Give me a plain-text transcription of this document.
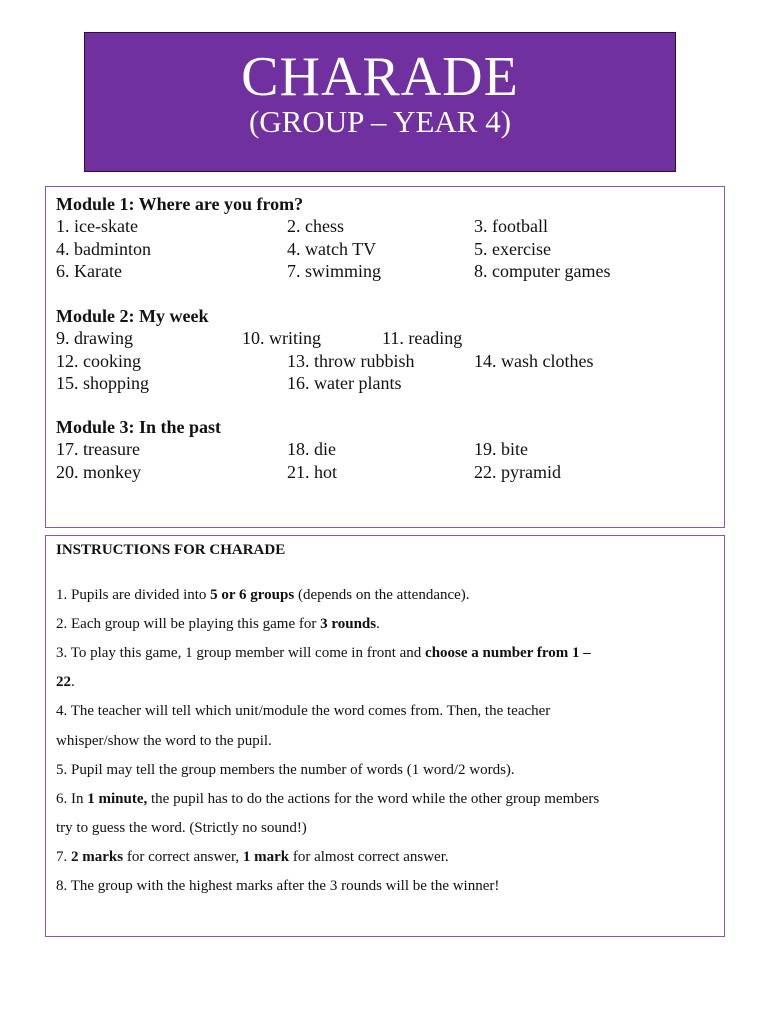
CHARADE
(GROUP – YEAR 4)
Module 1: Where are you from?
1. ice-skate	2. chess	3. football
4. badminton	4. watch TV	5. exercise
6. Karate	7. swimming	8. computer games
Module 2: My week
9. drawing	10. writing	11. reading
12. cooking	13. throw rubbish	14. wash clothes
15. shopping	16. water plants
Module 3: In the past
17. treasure	18. die	19. bite
20. monkey	21. hot	22. pyramid
INSTRUCTIONS FOR CHARADE
1. Pupils are divided into 5 or 6 groups (depends on the attendance).
2. Each group will be playing this game for 3 rounds.
3. To play this game, 1 group member will come in front and choose a number from 1 –
22.
4. The teacher will tell which unit/module the word comes from. Then, the teacher
whisper/show the word to the pupil.
5. Pupil may tell the group members the number of words (1 word/2 words).
6. In 1 minute, the pupil has to do the actions for the word while the other group members
try to guess the word. (Strictly no sound!)
7. 2 marks for correct answer, 1 mark for almost correct answer.
8. The group with the highest marks after the 3 rounds will be the winner!
